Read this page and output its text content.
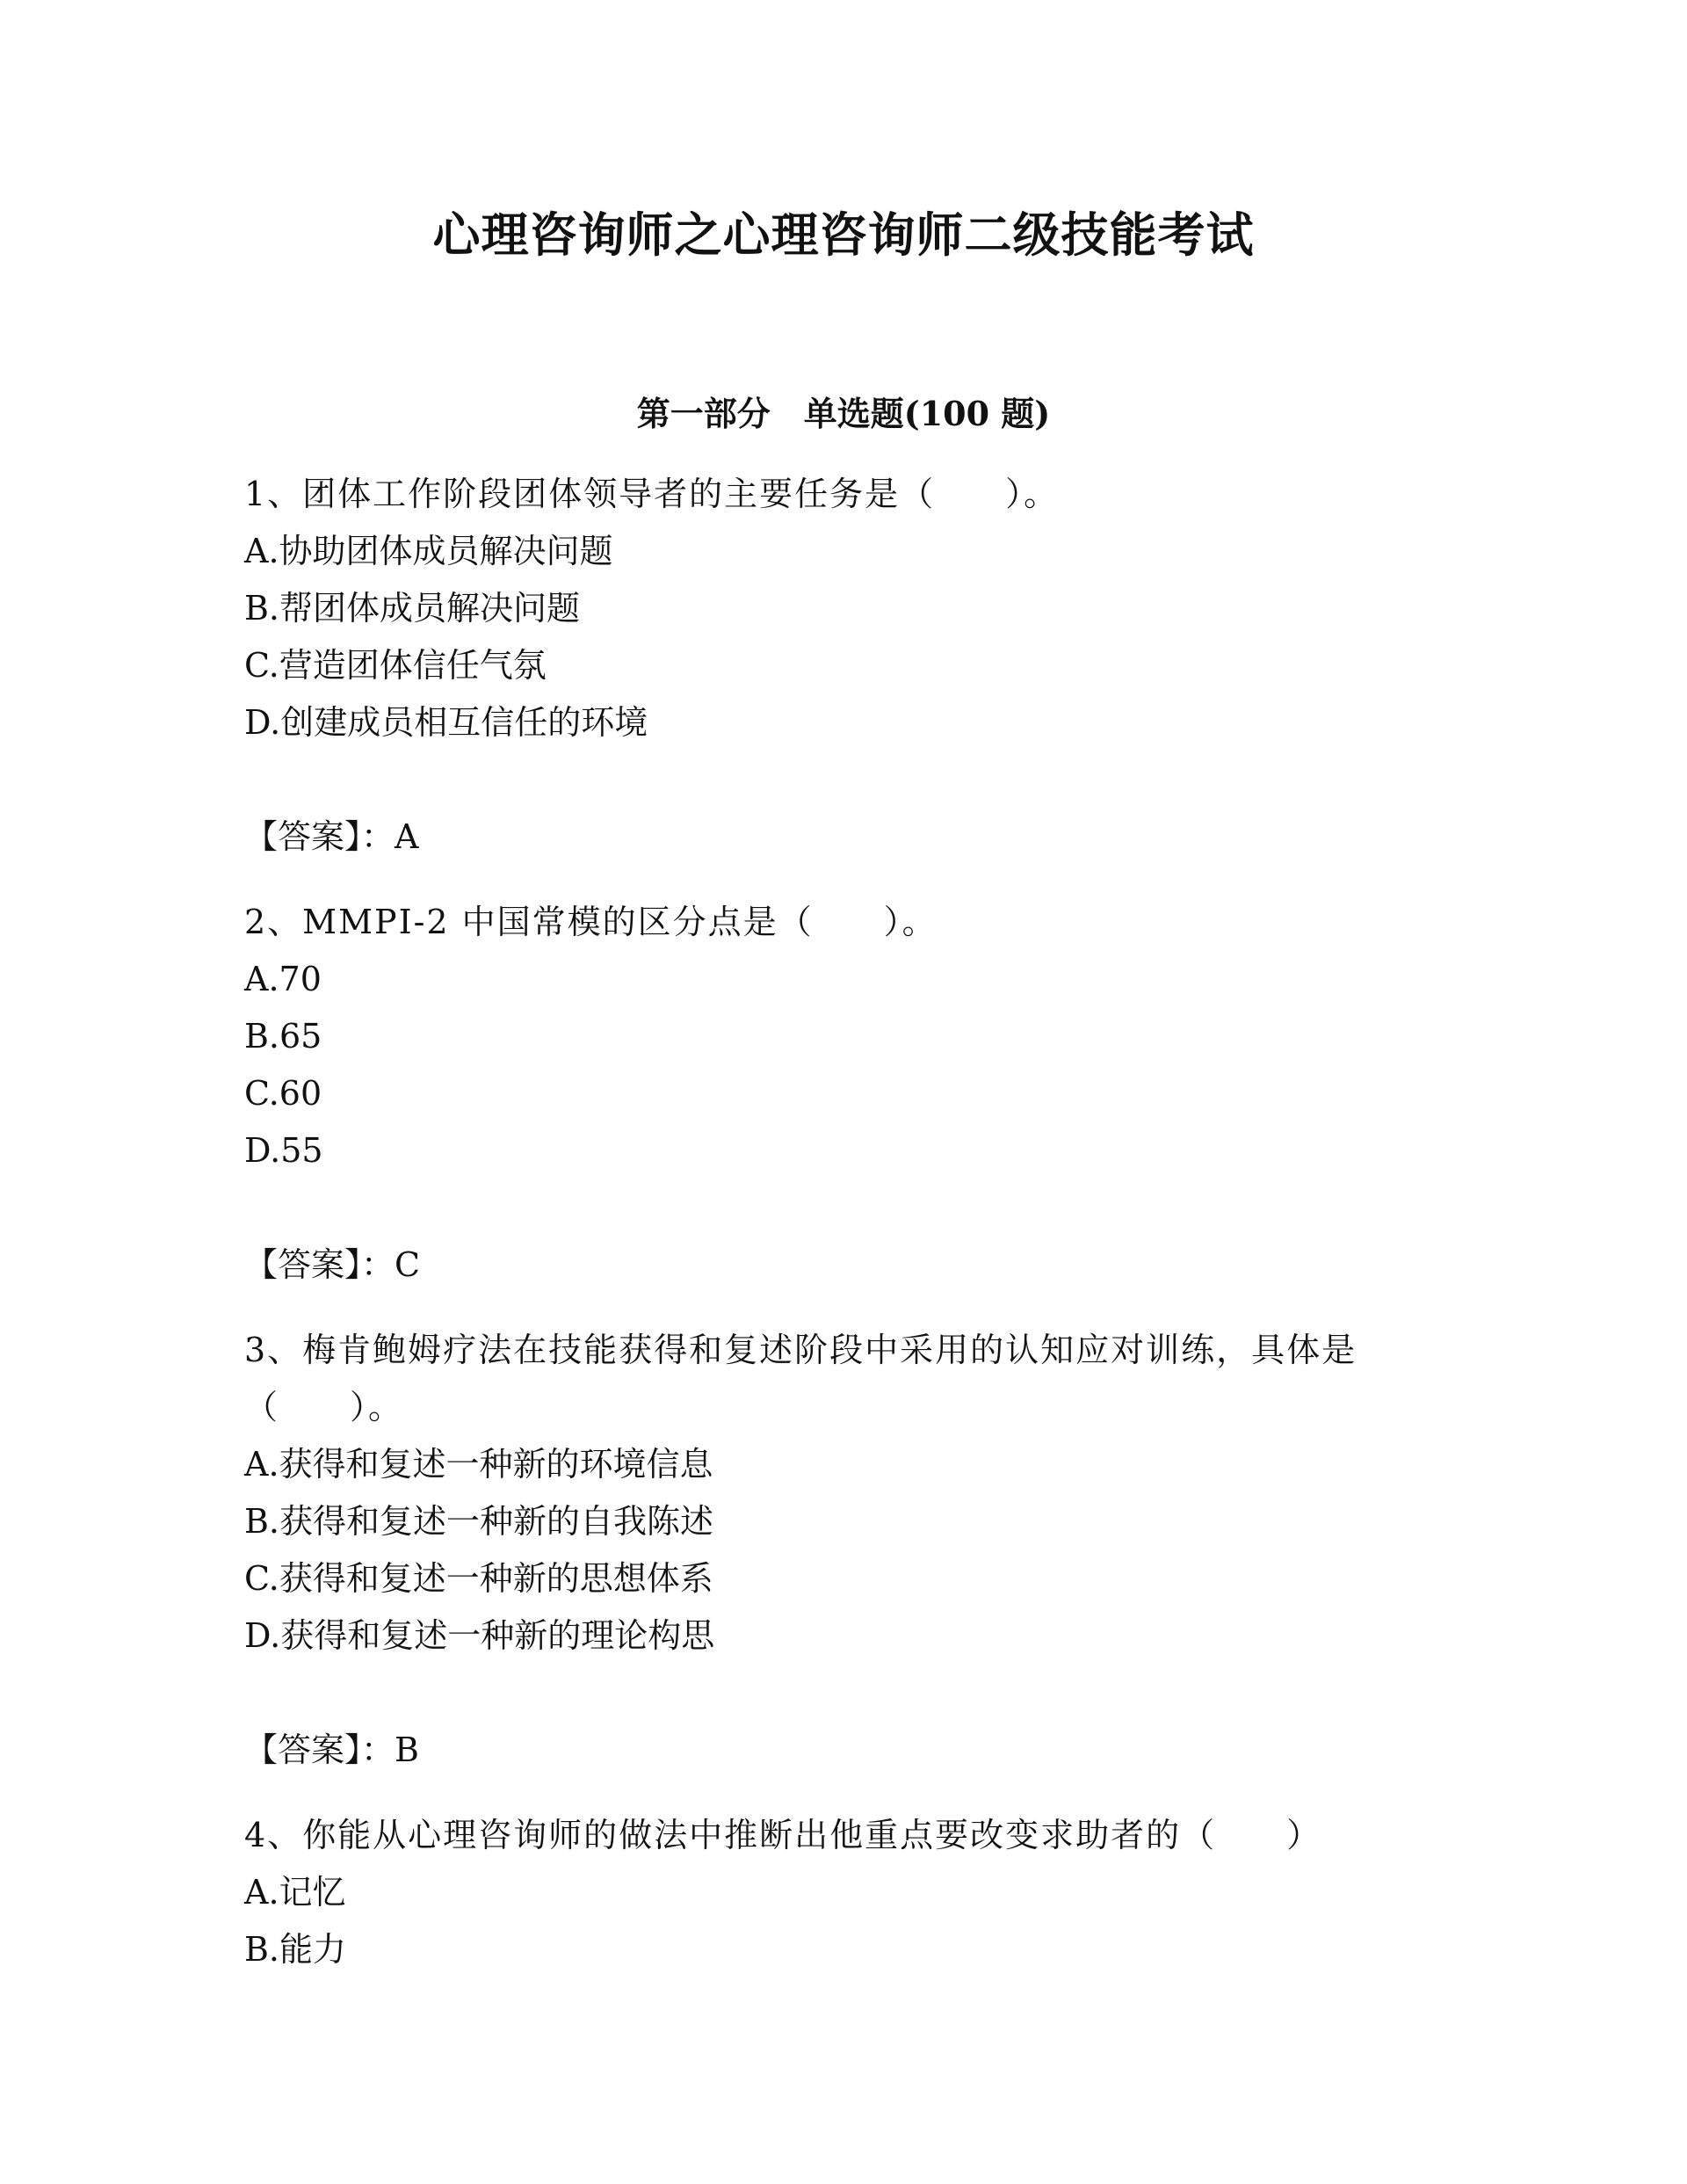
心理咨询师之心理咨询师二级技能考试
第一部分　单选题(100 题)
1、团体工作阶段团体领导者的主要任务是（　　）。
A.协助团体成员解决问题
B.帮团体成员解决问题
C.营造团体信任气氛
D.创建成员相互信任的环境
【答案】：A
2、MMPI-2 中国常模的区分点是（　　）。
A.70
B.65
C.60
D.55
【答案】：C
3、梅肯鲍姆疗法在技能获得和复述阶段中采用的认知应对训练，具体是（　　）。
A.获得和复述一种新的环境信息
B.获得和复述一种新的自我陈述
C.获得和复述一种新的思想体系
D.获得和复述一种新的理论构思
【答案】：B
4、你能从心理咨询师的做法中推断出他重点要改变求助者的（　　）
A.记忆
B.能力
